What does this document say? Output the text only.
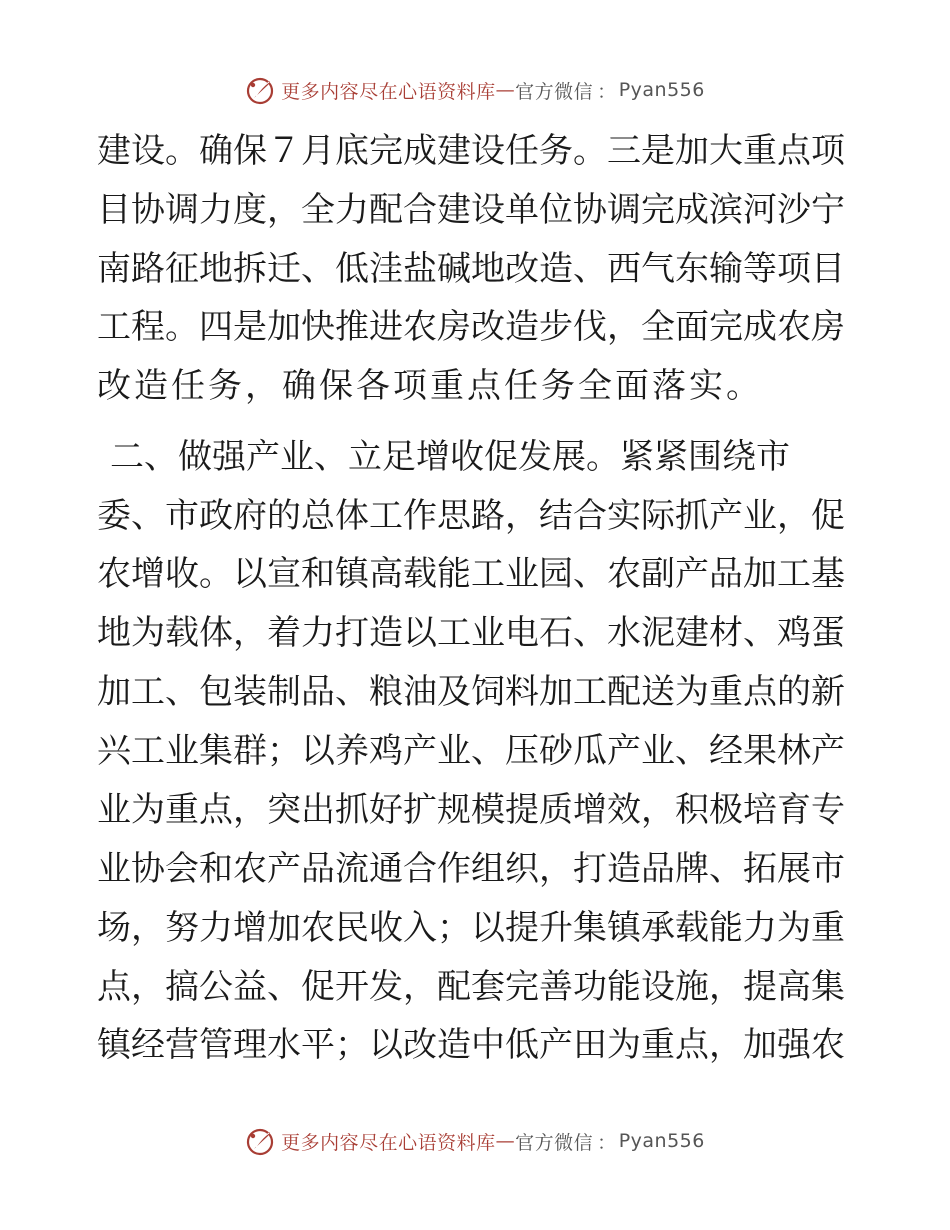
更多内容尽在心语资料库 — 官方微信 ： Pyan556
建设。确保７月底完成建设任务。三是加大重点项
目协调力度，全力配合建设单位协调完成滨河沙宁
南路征地拆迁、低洼盐碱地改造、西气东输等项目
工程。四是加快推进农房改造步伐，全面完成农房
改造任务，确保各项重点任务全面落实。
二、做强产业、立足增收促发展。紧紧围绕市
委、市政府的总体工作思路，结合实际抓产业，促
农增收。以宣和镇高载能工业园、农副产品加工基
地为载体，着力打造以工业电石、水泥建材、鸡蛋
加工、包装制品、粮油及饲料加工配送为重点的新
兴工业集群；以养鸡产业、压砂瓜产业、经果林产
业为重点，突出抓好扩规模提质增效，积极培育专
业协会和农产品流通合作组织，打造品牌、拓展市
场，努力增加农民收入；以提升集镇承载能力为重
点，搞公益、促开发，配套完善功能设施，提高集
镇经营管理水平；以改造中低产田为重点，加强农
更多内容尽在心语资料库 — 官方微信 ： Pyan556
